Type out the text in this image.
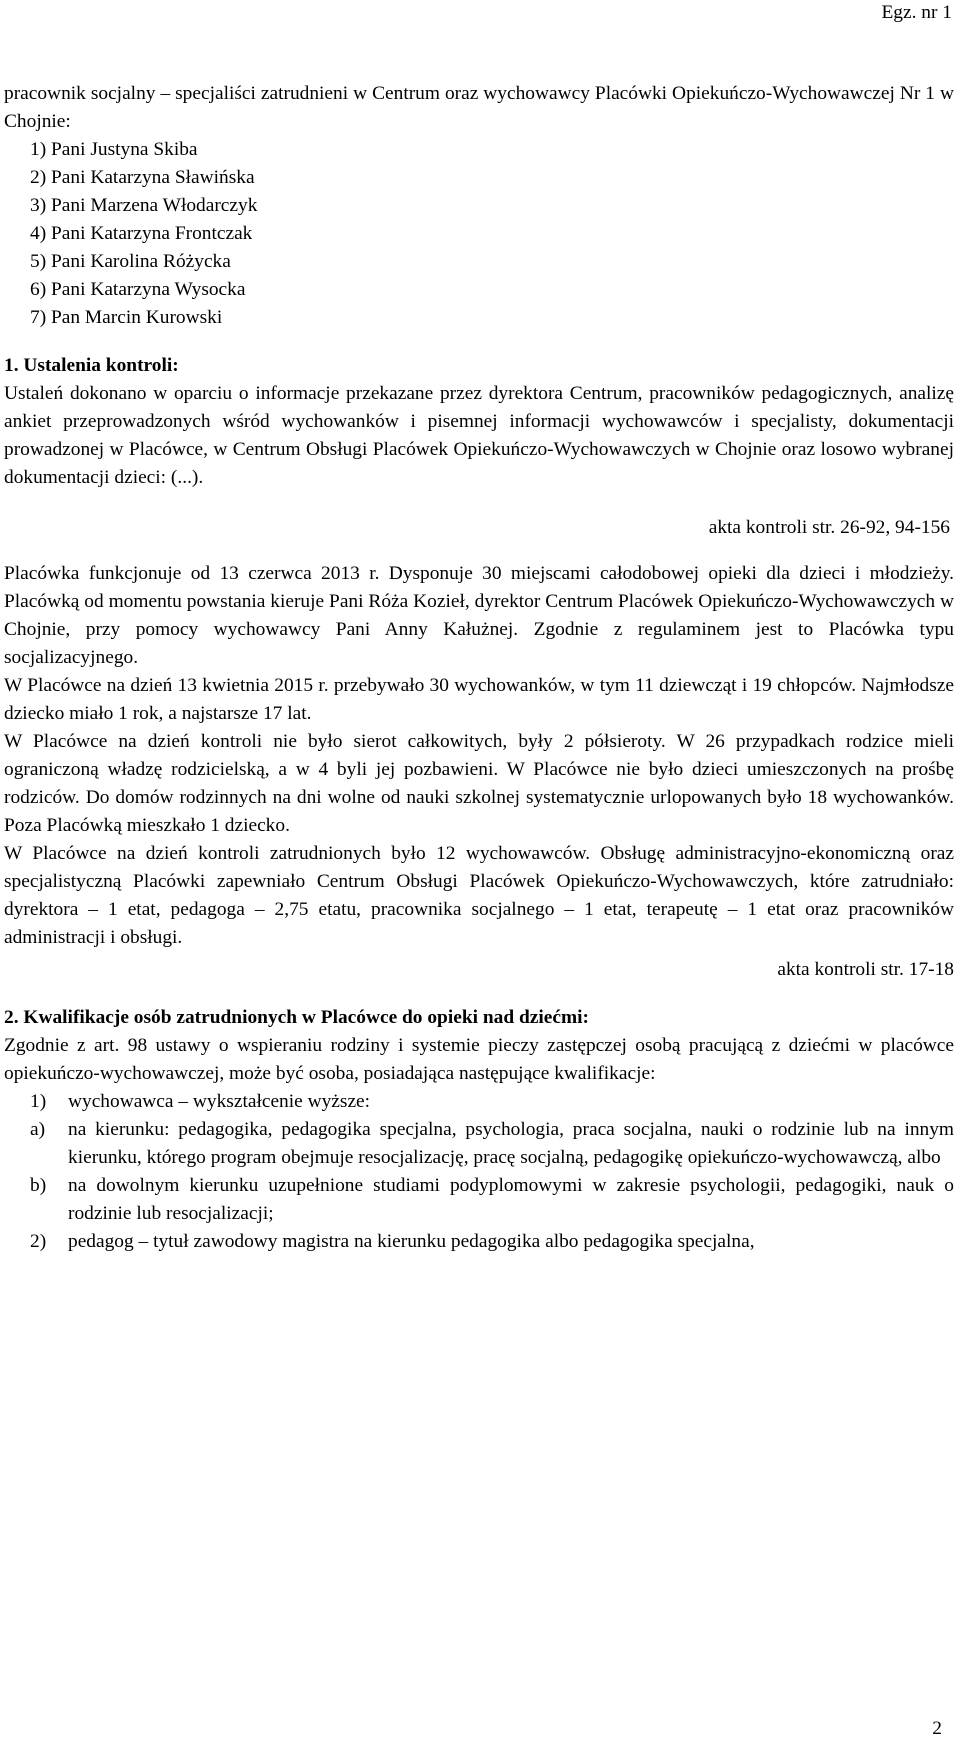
Egz. nr 1

pracownik socjalny – specjaliści zatrudnieni w Centrum oraz wychowawcy Placówki Opiekuńczo-Wychowawczej Nr 1 w Chojnie:

1) Pani Justyna Skiba
2) Pani Katarzyna Sławińska
3) Pani Marzena Włodarczyk
4) Pani Katarzyna Frontczak
5) Pani Karolina Różycka
6) Pani Katarzyna Wysocka
7) Pan Marcin Kurowski

1. Ustalenia kontroli:

Ustaleń dokonano w oparciu o informacje przekazane przez dyrektora Centrum, pracowników pedagogicznych, analizę ankiet przeprowadzonych wśród wychowanków i pisemnej informacji wychowawców i specjalisty, dokumentacji prowadzonej w Placówce, w Centrum Obsługi Placówek Opiekuńczo-Wychowawczych w Chojnie oraz losowo wybranej dokumentacji dzieci: (...).

akta kontroli str. 26-92, 94-156

Placówka funkcjonuje od 13 czerwca 2013 r. Dysponuje 30 miejscami całodobowej opieki dla dzieci i młodzieży. Placówką od momentu powstania kieruje Pani Róża Kozieł, dyrektor Centrum Placówek Opiekuńczo-Wychowawczych w Chojnie, przy pomocy wychowawcy Pani Anny Kałużnej. Zgodnie z regulaminem jest to Placówka typu socjalizacyjnego.

W Placówce na dzień 13 kwietnia 2015 r. przebywało 30 wychowanków, w tym 11 dziewcząt i 19 chłopców. Najmłodsze dziecko miało 1 rok, a najstarsze 17 lat.

W Placówce na dzień kontroli nie było sierot całkowitych, były 2 półsieroty. W 26 przypadkach rodzice mieli ograniczoną władzę rodzicielską, a w 4 byli jej pozbawieni. W Placówce nie było dzieci umieszczonych na prośbę rodziców. Do domów rodzinnych na dni wolne od nauki szkolnej systematycznie urlopowanych było 18 wychowanków. Poza Placówką mieszkało 1 dziecko.

W Placówce na dzień kontroli zatrudnionych było 12 wychowawców. Obsługę administracyjno-ekonomiczną oraz specjalistyczną Placówki zapewniało Centrum Obsługi Placówek Opiekuńczo-Wychowawczych, które zatrudniało: dyrektora – 1 etat, pedagoga – 2,75 etatu, pracownika socjalnego – 1 etat, terapeutę – 1 etat oraz pracowników administracji i obsługi.

akta kontroli str. 17-18

2. Kwalifikacje osób zatrudnionych w Placówce do opieki nad dziećmi:

Zgodnie z art. 98 ustawy o wspieraniu rodziny i systemie pieczy zastępczej osobą pracującą z dziećmi w placówce opiekuńczo-wychowawczej, może być osoba, posiadająca następujące kwalifikacje:

1) wychowawca – wykształcenie wyższe:
a) na kierunku: pedagogika, pedagogika specjalna, psychologia, praca socjalna, nauki o rodzinie lub na innym kierunku, którego program obejmuje resocjalizację, pracę socjalną, pedagogikę opiekuńczo-wychowawczą, albo
b) na dowolnym kierunku uzupełnione studiami podyplomowymi w zakresie psychologii, pedagogiki, nauk o rodzinie lub resocjalizacji;
2) pedagog – tytuł zawodowy magistra na kierunku pedagogika albo pedagogika specjalna,
2
